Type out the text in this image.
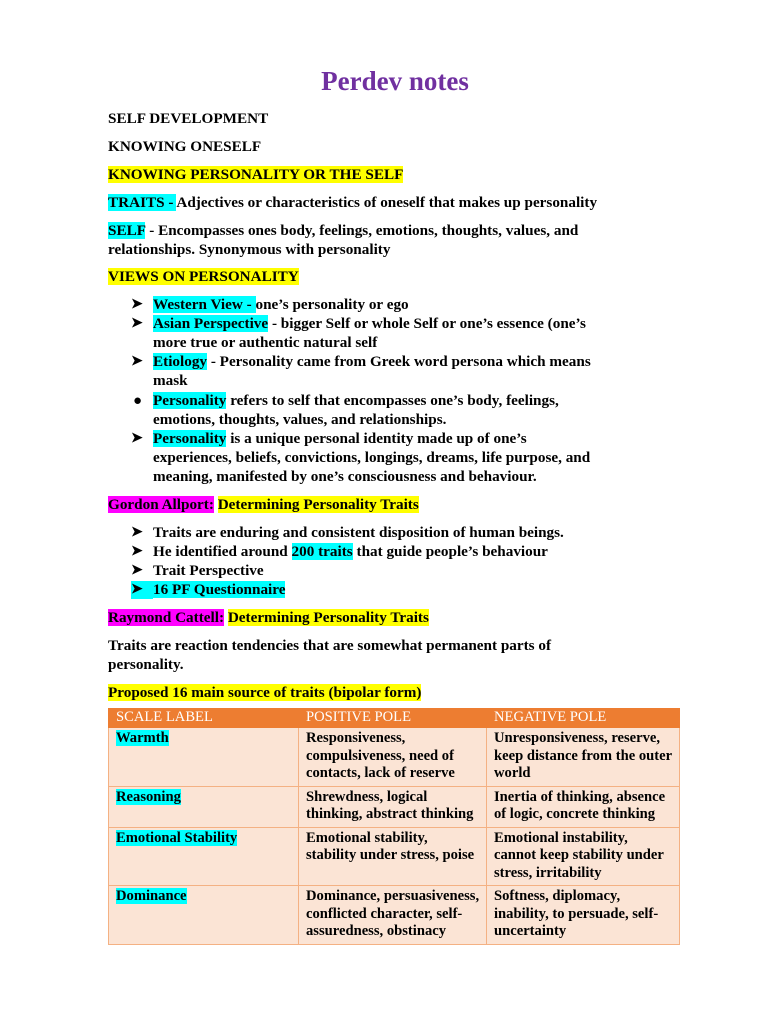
Perdev notes
SELF DEVELOPMENT
KNOWING ONESELF
KNOWING PERSONALITY OR THE SELF
TRAITS - Adjectives or characteristics of oneself that makes up personality
SELF - Encompasses ones body, feelings, emotions, thoughts, values, and
relationships. Synonymous with personality
VIEWS ON PERSONALITY
➤ Western View - one’s personality or ego
➤ Asian Perspective - bigger Self or whole Self or one’s essence (one’s
more true or authentic natural self
➤ Etiology - Personality came from Greek word persona which means
mask
● Personality refers to self that encompasses one’s body, feelings,
emotions, thoughts, values, and relationships.
➤ Personality is a unique personal identity made up of one’s
experiences, beliefs, convictions, longings, dreams, life purpose, and
meaning, manifested by one’s consciousness and behaviour.
Gordon Allport: Determining Personality Traits
➤ Traits are enduring and consistent disposition of human beings.
➤ He identified around 200 traits that guide people’s behaviour
➤ Trait Perspective
➤ 16 PF Questionnaire
Raymond Cattell: Determining Personality Traits
Traits are reaction tendencies that are somewhat permanent parts of
personality.
Proposed 16 main source of traits (bipolar form)
SCALE LABEL	POSITIVE POLE	NEGATIVE POLE
Warmth	Responsiveness, compulsiveness, need of contacts, lack of reserve	Unresponsiveness, reserve, keep distance from the outer world
Reasoning	Shrewdness, logical thinking, abstract thinking	Inertia of thinking, absence of logic, concrete thinking
Emotional Stability	Emotional stability, stability under stress, poise	Emotional instability, cannot keep stability under stress, irritability
Dominance	Dominance, persuasiveness, conflicted character, self-assuredness, obstinacy	Softness, diplomacy, inability, to persuade, self-uncertainty
